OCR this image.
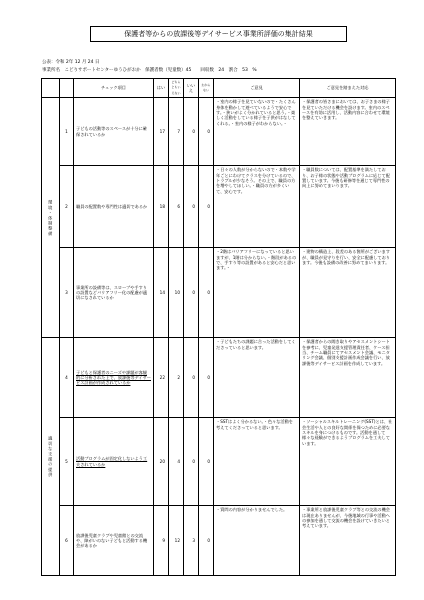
保護者等からの放課後等デイサービス事業所評価の集計結果
公表：令和 2年 12 月 24 日
事業所名　こどりサポートセンターゆうひがおか　保護者数（児童数）45　　回収数　24　割合　53　%
		チェック項目	はい	どちらともいえない	いいえ	わからない	ご意見	ご意見を踏まえた対応
環境・体制整備	1	子どもの活動等のスペースが十分に確保されているか	17	7	0	0	・室内の様子を見ていないので・たくさん身体を動かして遊べているようで安心です。・狭いがよく分かれていると思う。・楽しく活動をしている様子を子供がはなしてくれる。・室内の様子がわからない。・	・保護者の皆さまにおいては、お子さまの様子を見ていただける機会を設けます。室内のスペースを有効に活用し、活動内容に合わせて環境を整えていきます。
	2	職員の配置数や専門性は適切であるか	18	6	0	0	・日々の人数が分からないので・本数や学年ごとにわけてクラスを分けているので、トラブルが少なそう。その上で、職員の方を増やしてほしい。・職員の方が多くいて、安心です。	・職員数については、配置基準を満たしており、お子様の状態や活動プログラムに応じて配置しています。今後も研修等を通じて専門性の向上に努めてまいります。
	3	事業所の設備等は、スロープや手すりの設置などバリアフリー化の配慮が適切になされているか	14	10	0	0	・2階はバリアフリーになっていると思いますが、1階は分からない。・階段があるので、手すり等の設置があると安心だと思います。・	・建物の構造上、段差のある箇所がございますが、職員が見守りを行い、安全に配慮しております。今後も設備の改善に努めてまいります。
適切な支援の提供	4	子どもと保護者のニーズや課題が客観的に分析された上で、放課後等デイサービス計画が作成されているか	22	2	0	0	・子どもたちの課題に合った活動をしてくださっていると思います。	・保護者からの聞き取りやアセスメントシートを参考に、児童発達支援管理責任者、ケース担当、チーム職員にてアセスメント会議、モニタリング会議、個別支援計画作成会議を行い、放課後等デイサービス計画を作成しています。
	5	活動プログラムが固定化しないよう工夫されているか	20	4	0	0	・SSTはよく分かるない。・色々な活動を考えてくださっていると思います。	・ソーシャルスキルトレーニング(SST)とは、社会生活や人との良好な関係を保つために必要なスキルを身につけるものです。活動を通して様々な経験ができるようプログラムを工夫しています。
	6	放課後児童クラブや児童館との交流や、障がいのない子どもと活動する機会があるか	9	12	3	0	・質問の内容が分かりませんでした。	・事業所と放課後児童クラブ等との交流の機会は現在ありませんが、今後地域の行事や活動への参加を通して交流の機会を設けていきたいと考えています。
